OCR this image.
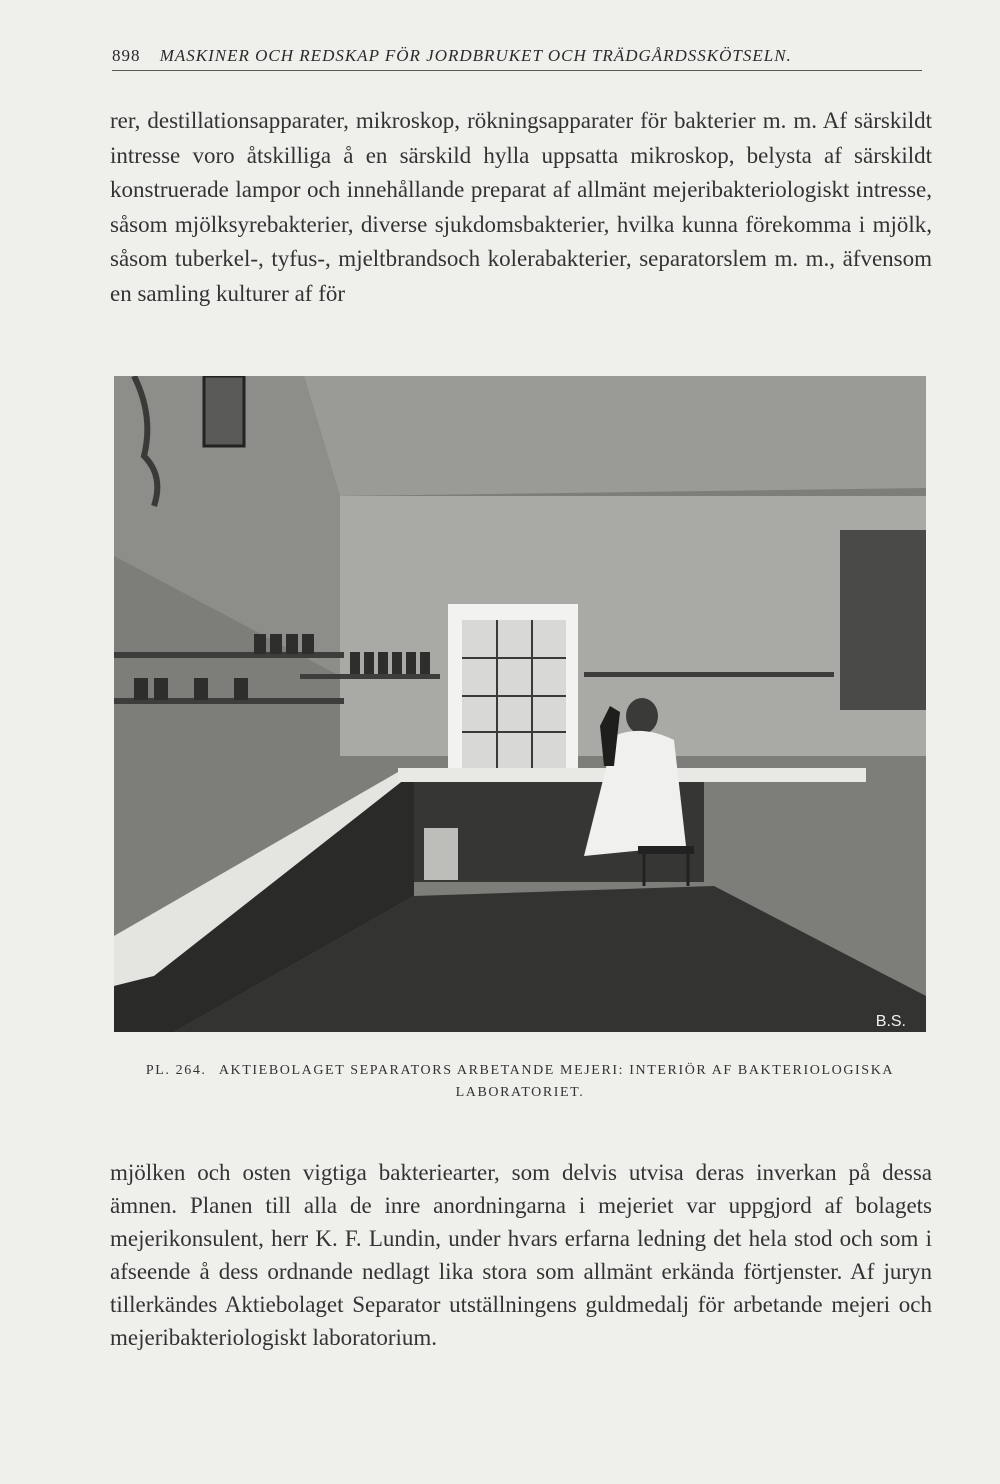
898 MASKINER OCH REDSKAP FÖR JORDBRUKET OCH TRÄDGÅRDSSKÖTSELN.

rer, destillationsapparater, mikroskop, rökningsapparater för bakterier m. m. Af särskildt intresse voro åtskilliga å en särskild hylla uppsatta mikroskop, belysta af särskildt konstruerade lampor och innehållande preparat af allmänt mejeribakteriologiskt intresse, såsom mjölksyrebakterier, diverse sjukdomsbakterier, hvilka kunna förekomma i mjölk, såsom tuberkel-, tyfus-, mjeltbrandsoch kolerabakterier, separatorslem m. m., äfvensom en samling kulturer af för

B.S.
PL. 264. AKTIEBOLAGET SEPARATORS ARBETANDE MEJERI: INTERIÖR AF BAKTERIOLOGISKA LABORATORIET.

mjölken och osten vigtiga bakteriearter, som delvis utvisa deras inverkan på dessa ämnen. Planen till alla de inre anordningarna i mejeriet var uppgjord af bolagets mejerikonsulent, herr K. F. Lundin, under hvars erfarna ledning det hela stod och som i afseende å dess ordnande nedlagt lika stora som allmänt erkända förtjenster. Af juryn tillerkändes Aktiebolaget Separator utställningens guldmedalj för arbetande mejeri och mejeribakteriologiskt laboratorium.
